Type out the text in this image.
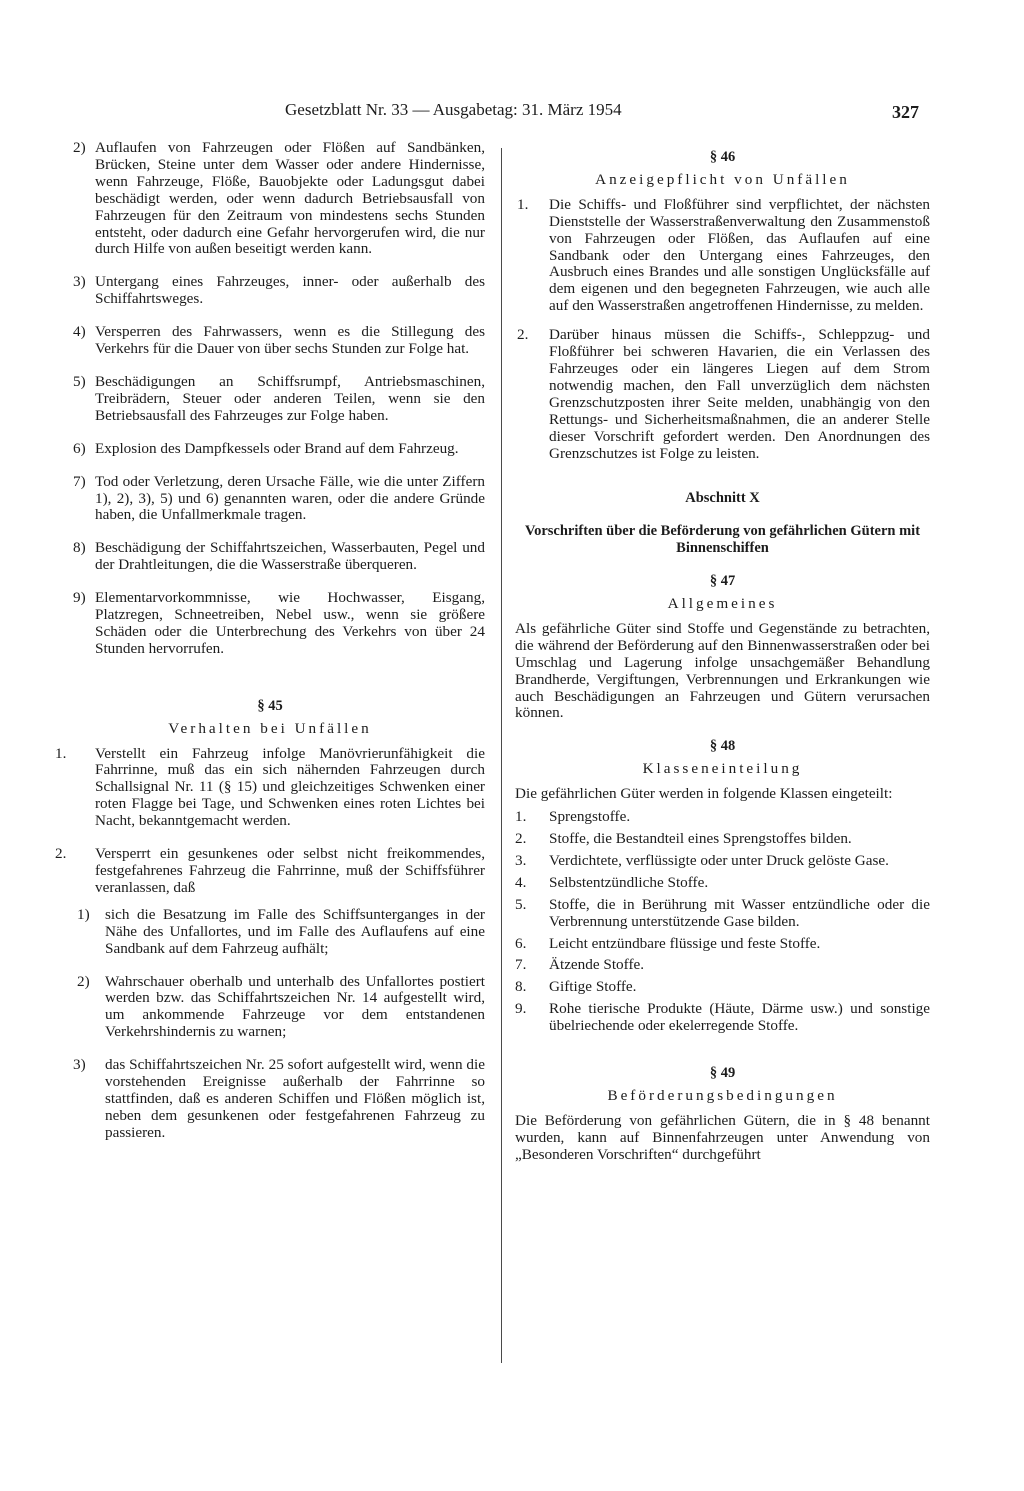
Gesetzblatt Nr. 33 — Ausgabetag: 31. März 1954	327
2) Auflaufen von Fahrzeugen oder Flößen auf Sandbänken, Brücken, Steine unter dem Wasser oder andere Hindernisse, wenn Fahrzeuge, Flöße, Bauobjekte oder Ladungsgut dabei beschädigt werden, oder wenn dadurch Betriebsausfall von Fahrzeugen für den Zeitraum von mindestens sechs Stunden entsteht, oder dadurch eine Gefahr hervorgerufen wird, die nur durch Hilfe von außen beseitigt werden kann.
3) Untergang eines Fahrzeuges, inner- oder außerhalb des Schiffahrtsweges.
4) Versperren des Fahrwassers, wenn es die Stillegung des Verkehrs für die Dauer von über sechs Stunden zur Folge hat.
5) Beschädigungen an Schiffsrumpf, Antriebsmaschinen, Treibrädern, Steuer oder anderen Teilen, wenn sie den Betriebsausfall des Fahrzeuges zur Folge haben.
6) Explosion des Dampfkessels oder Brand auf dem Fahrzeug.
7) Tod oder Verletzung, deren Ursache Fälle, wie die unter Ziffern 1), 2), 3), 5) und 6) genannten waren, oder die andere Gründe haben, die Unfallmerkmale tragen.
8) Beschädigung der Schiffahrtszeichen, Wasserbauten, Pegel und der Drahtleitungen, die die Wasserstraße überqueren.
9) Elementarvorkommnisse, wie Hochwasser, Eisgang, Platzregen, Schneetreiben, Nebel usw., wenn sie größere Schäden oder die Unterbrechung des Verkehrs von über 24 Stunden hervorrufen.
§ 45
Verhalten bei Unfällen
1. Verstellt ein Fahrzeug infolge Manövrierunfähigkeit die Fahrrinne, muß das ein sich nähernden Fahrzeugen durch Schallsignal Nr. 11 (§ 15) und gleichzeitiges Schwenken einer roten Flagge bei Tage, und Schwenken eines roten Lichtes bei Nacht, bekanntgemacht werden.
2. Versperrt ein gesunkenes oder selbst nicht freikommendes, festgefahrenes Fahrzeug die Fahrrinne, muß der Schiffsführer veranlassen, daß
1) sich die Besatzung im Falle des Schiffsunterganges in der Nähe des Unfallortes, und im Falle des Auflaufens auf eine Sandbank auf dem Fahrzeug aufhält;
2) Wahrschauer oberhalb und unterhalb des Unfallortes postiert werden bzw. das Schiffahrtszeichen Nr. 14 aufgestellt wird, um ankommende Fahrzeuge vor dem entstandenen Verkehrshindernis zu warnen;
3) das Schiffahrtszeichen Nr. 25 sofort aufgestellt wird, wenn die vorstehenden Ereignisse außerhalb der Fahrrinne so stattfinden, daß es anderen Schiffen und Flößen möglich ist, neben dem gesunkenen oder festgefahrenen Fahrzeug zu passieren.
§ 46
Anzeigepflicht von Unfällen
1. Die Schiffs- und Floßführer sind verpflichtet, der nächsten Dienststelle der Wasserstraßenverwaltung den Zusammenstoß von Fahrzeugen oder Flößen, das Auflaufen auf eine Sandbank oder den Untergang eines Fahrzeuges, den Ausbruch eines Brandes und alle sonstigen Unglücksfälle auf dem eigenen und den begegneten Fahrzeugen, wie auch alle auf den Wasserstraßen angetroffenen Hindernisse, zu melden.
2. Darüber hinaus müssen die Schiffs-, Schleppzug- und Floßführer bei schweren Havarien, die ein Verlassen des Fahrzeuges oder ein längeres Liegen auf dem Strom notwendig machen, den Fall unverzüglich dem nächsten Grenzschutzposten ihrer Seite melden, unabhängig von den Rettungs- und Sicherheitsmaßnahmen, die an anderer Stelle dieser Vorschrift gefordert werden. Den Anordnungen des Grenzschutzes ist Folge zu leisten.
Abschnitt X
Vorschriften über die Beförderung von gefährlichen Gütern mit Binnenschiffen
§ 47
Allgemeines
Als gefährliche Güter sind Stoffe und Gegenstände zu betrachten, die während der Beförderung auf den Binnenwasserstraßen oder bei Umschlag und Lagerung infolge unsachgemäßer Behandlung Brandherde, Vergiftungen, Verbrennungen und Erkrankungen wie auch Beschädigungen an Fahrzeugen und Gütern verursachen können.
§ 48
Klasseneinteilung
Die gefährlichen Güter werden in folgende Klassen eingeteilt:
1. Sprengstoffe.
2. Stoffe, die Bestandteil eines Sprengstoffes bilden.
3. Verdichtete, verflüssigte oder unter Druck gelöste Gase.
4. Selbstentzündliche Stoffe.
5. Stoffe, die in Berührung mit Wasser entzündliche oder die Verbrennung unterstützende Gase bilden.
6. Leicht entzündbare flüssige und feste Stoffe.
7. Ätzende Stoffe.
8. Giftige Stoffe.
9. Rohe tierische Produkte (Häute, Därme usw.) und sonstige übelriechende oder ekelerregende Stoffe.
§ 49
Beförderungsbedingungen
Die Beförderung von gefährlichen Gütern, die in § 48 benannt wurden, kann auf Binnenfahrzeugen unter Anwendung von „Besonderen Vorschriften“ durchgeführt
